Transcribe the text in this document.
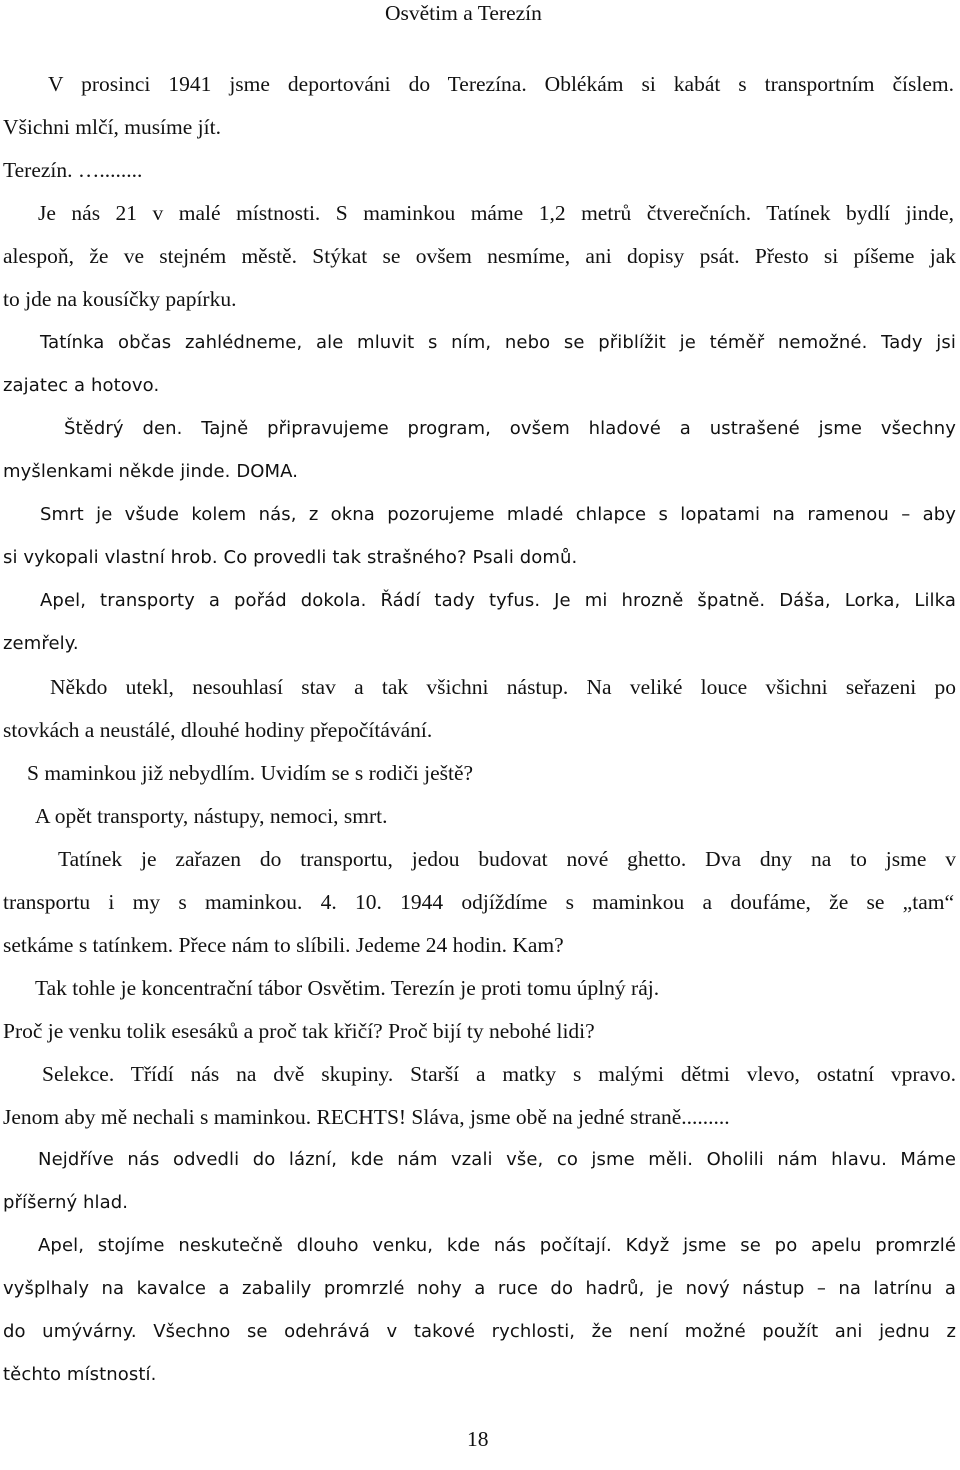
Osvětim a Terezín
V prosinci 1941 jsme deportováni do Terezína. Oblékám si kabát s transportním číslem.
Všichni mlčí, musíme jít.
Terezín. …........
Je nás 21 v malé místnosti. S maminkou máme 1,2 metrů čtverečních. Tatínek bydlí jinde,
alespoň, že ve stejném městě. Stýkat se ovšem nesmíme, ani dopisy psát. Přesto si píšeme jak
to jde na kousíčky papírku.
Tatínka občas zahlédneme, ale mluvit s ním, nebo se přiblížit je téměř nemožné. Tady jsi
zajatec a hotovo.
Štědrý den. Tajně připravujeme program, ovšem hladové a ustrašené jsme všechny
myšlenkami někde jinde. DOMA.
Smrt je všude kolem nás, z okna pozorujeme mladé chlapce s lopatami na ramenou – aby
si vykopali vlastní hrob. Co provedli tak strašného? Psali domů.
Apel, transporty a pořád dokola. Řádí tady tyfus. Je mi hrozně špatně. Dáša, Lorka, Lilka
zemřely.
Někdo utekl, nesouhlasí stav a tak všichni nástup. Na veliké louce všichni seřazeni po
stovkách a neustálé, dlouhé hodiny přepočítávání.
S maminkou již nebydlím. Uvidím se s rodiči ještě?
A opět transporty, nástupy, nemoci, smrt.
Tatínek je zařazen do transportu, jedou budovat nové ghetto. Dva dny na to jsme v
transportu i my s maminkou. 4. 10. 1944 odjíždíme s maminkou a doufáme, že se „tam“
setkáme s tatínkem. Přece nám to slíbili. Jedeme 24 hodin. Kam?
Tak tohle je koncentrační tábor Osvětim. Terezín je proti tomu úplný ráj.
Proč je venku tolik esesáků a proč tak křičí? Proč bijí ty nebohé lidi?
Selekce. Třídí nás na dvě skupiny. Starší a matky s malými dětmi vlevo, ostatní vpravo.
Jenom aby mě nechali s maminkou. RECHTS! Sláva, jsme obě na jedné straně.........
Nejdříve nás odvedli do lázní, kde nám vzali vše, co jsme měli. Oholili nám hlavu. Máme
příšerný hlad.
Apel, stojíme neskutečně dlouho venku, kde nás počítají. Když jsme se po apelu promrzlé
vyšplhaly na kavalce a zabalily promrzlé nohy a ruce do hadrů, je nový nástup – na latrínu a
do umývárny. Všechno se odehrává v takové rychlosti, že není možné použít ani jednu z
těchto místností.
18
